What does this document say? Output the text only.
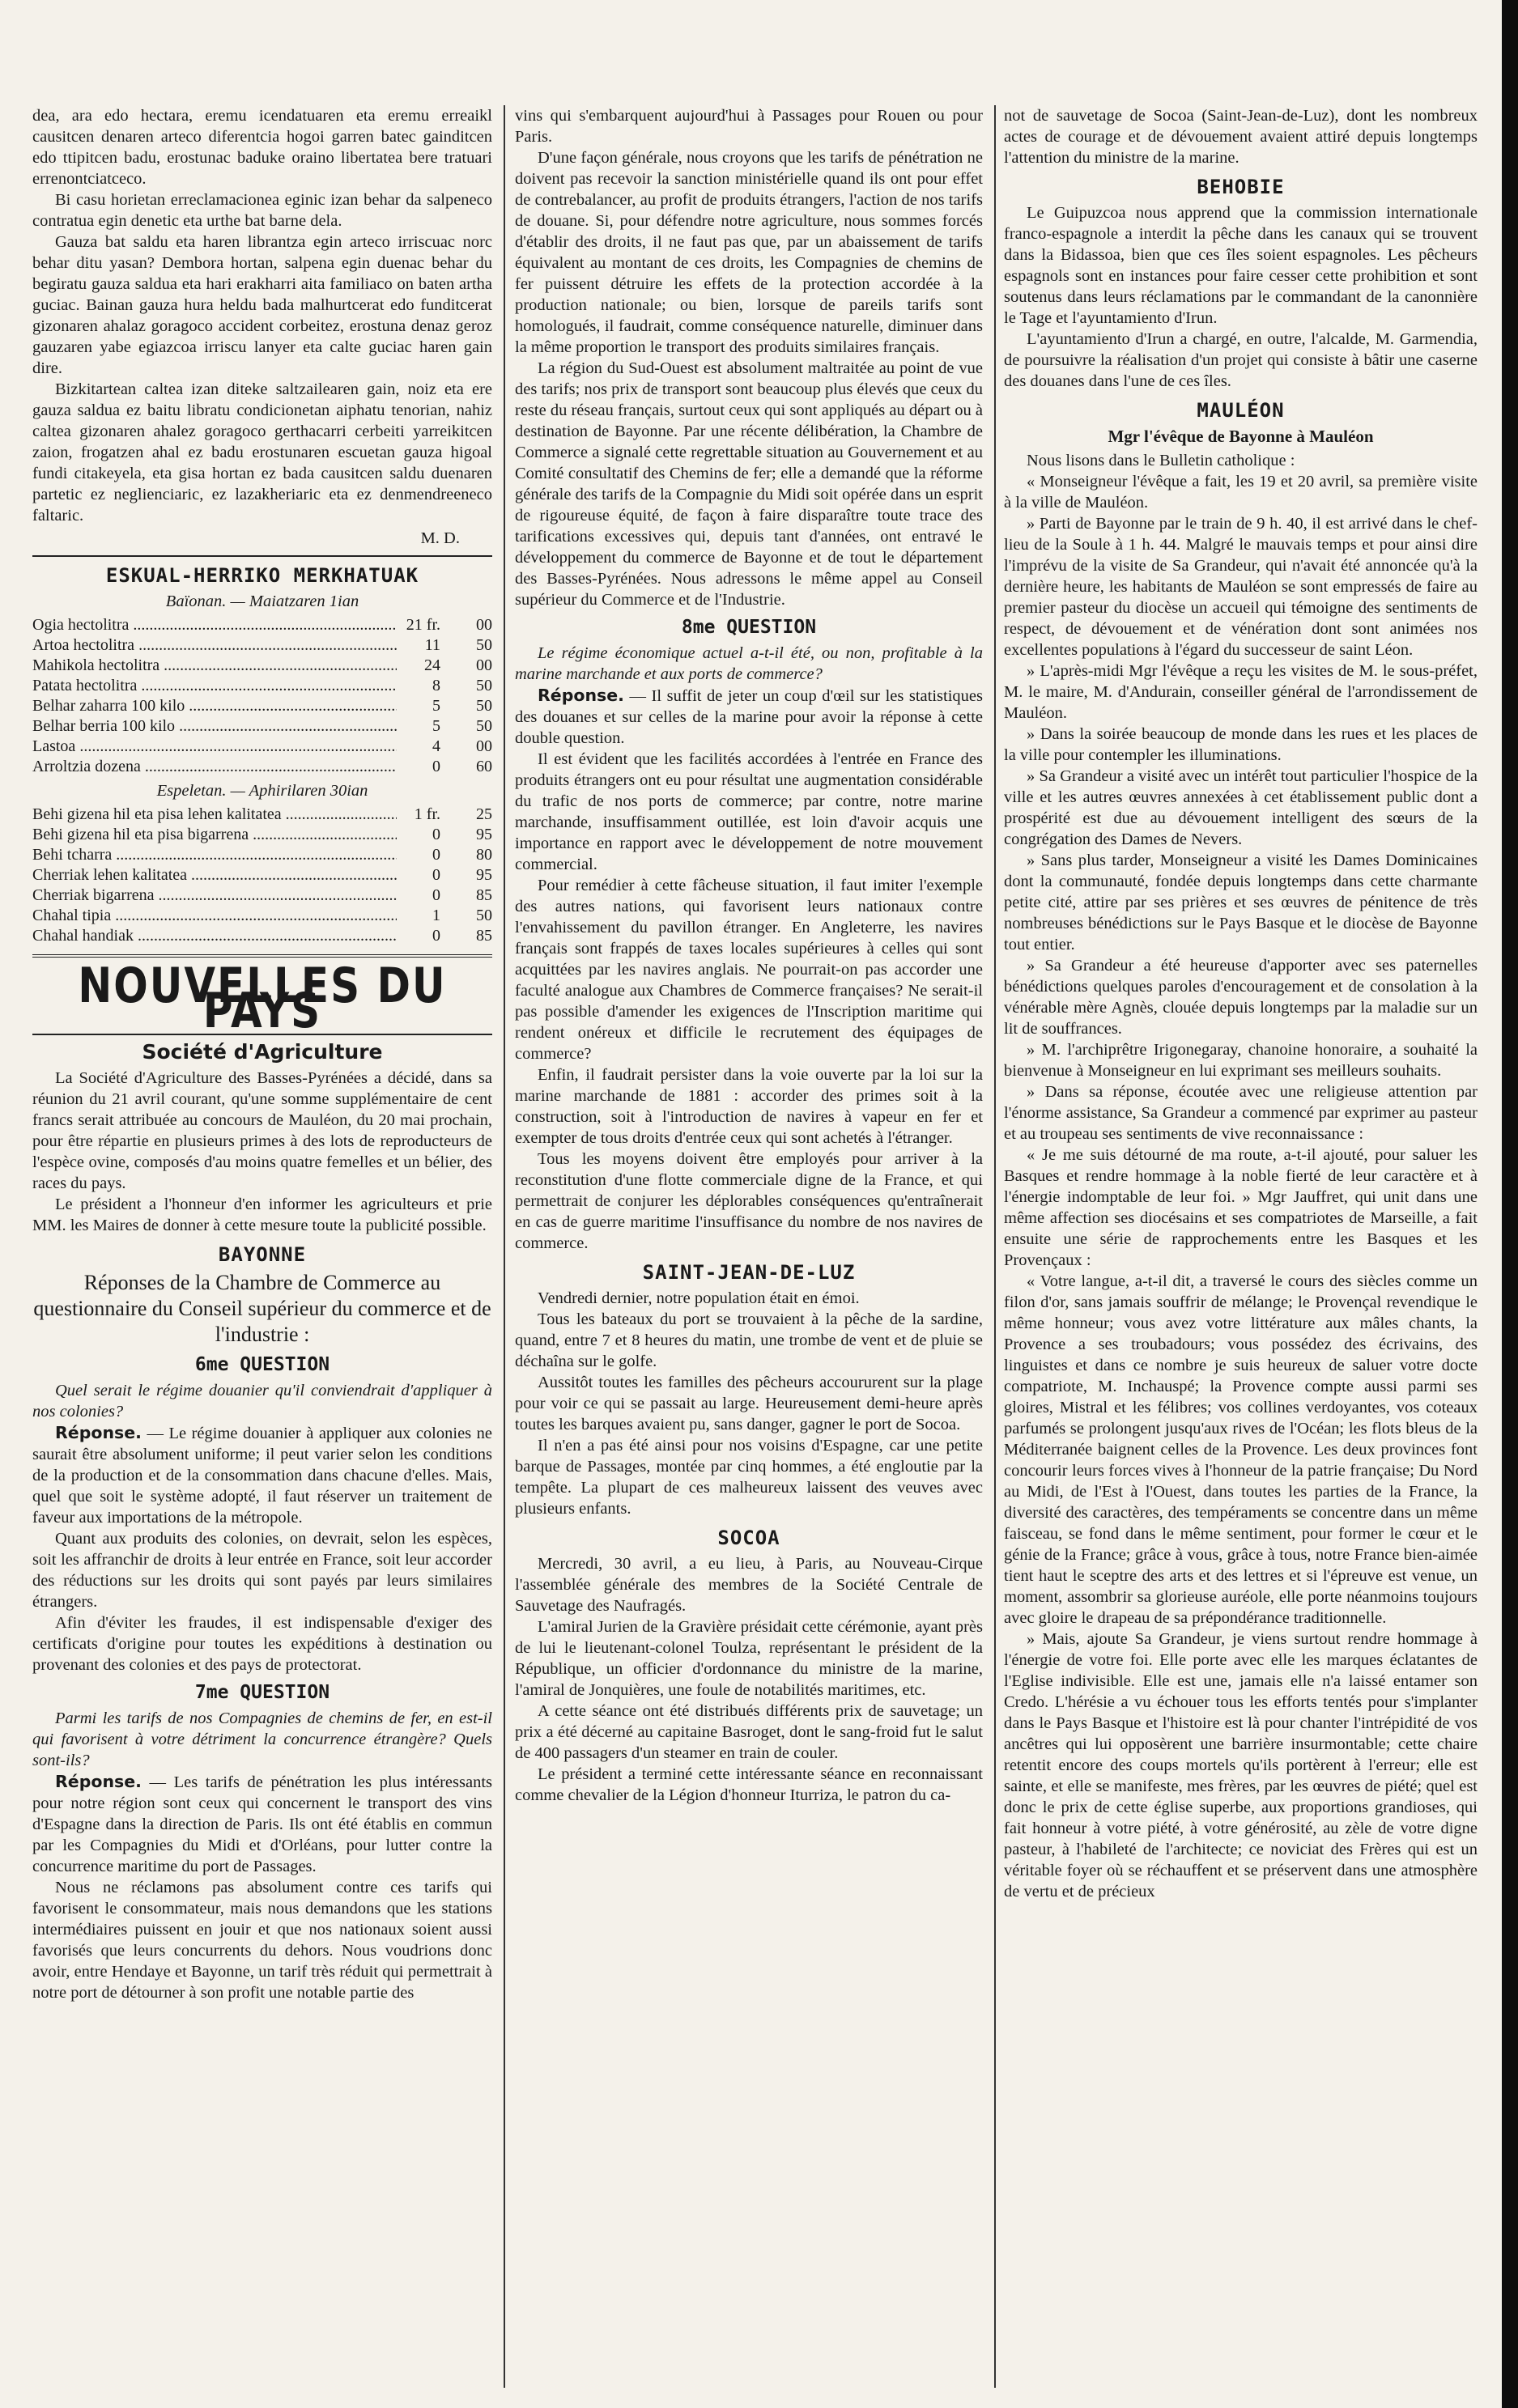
dea, ara edo hectara, eremu icendatuaren eta eremu erreaikl causitcen denaren arteco diferentcia hogoi garren batec gainditcen edo ttipitcen badu, erostunac baduke oraino libertatea bere tratuari errenontciatceco.

Bi casu horietan erreclamacionea eginic izan behar da salpeneco contratua egin denetic eta urthe bat barne dela.

Gauza bat saldu eta haren librantza egin arteco irriscuac norc behar ditu yasan? Dembora hortan, salpena egin duenac behar du begiratu gauza saldua eta hari erakharri aita familiaco on baten artha guciac. Bainan gauza hura heldu bada malhurtcerat edo funditcerat gizonaren ahalaz goragoco accident corbeitez, erostuna denaz geroz gauzaren yabe egiazcoa irriscu lanyer eta calte guciac haren gain dire.

Bizkitartean caltea izan diteke saltzailearen gain, noiz eta ere gauza saldua ez baitu libratu condicionetan aiphatu tenorian, nahiz caltea gizonaren ahalez goragoco gerthacarri cerbeiti yarreikitcen zaion, frogatzen ahal ez badu erostunaren escuetan gauza higoal fundi citakeyela, eta gisa hortan ez bada causitcen saldu duenaren partetic ez neglienciaric, ez lazakheriaric eta ez denmendreeneco faltaric.

M. D.
ESKUAL-HERRIKO MERKHATUAK
Baïonan. — Maiatzaren 1ian
Ogia hectolitra .....	21 fr.	00
Artoa hectolitra .....	11	50
Mahikola hectolitra .....	24	00
Patata hectolitra .....	8	50
Belhar zaharra 100 kilo .....	5	50
Belhar berria 100 kilo .....	5	50
Lastoa .....	4	00
Arroltzia dozena .....	0	60
Espeletan. — Aphirilaren 30ian
Behi gizena hil eta pisa lehen kalitatea .....	1 fr.	25
Behi gizena hil eta pisa bigarrena .....	0	95
Behi tcharra .....	0	80
Cherriak lehen kalitatea .....	0	95
Cherriak bigarrena .....	0	85
Chahal tipia .....	1	50
Chahal handiak .....	0	85
NOUVELLES DU PAYS
Société d'Agriculture

La Société d'Agriculture des Basses-Pyrénées a décidé, dans sa réunion du 21 avril courant, qu'une somme supplémentaire de cent francs serait attribuée au concours de Mauléon, du 20 mai prochain, pour être répartie en plusieurs primes à des lots de reproducteurs de l'espèce ovine, composés d'au moins quatre femelles et un bélier, des races du pays.

Le président a l'honneur d'en informer les agriculteurs et prie MM. les Maires de donner à cette mesure toute la publicité possible.

BAYONNE
Réponses de la Chambre de Commerce au questionnaire du Conseil supérieur du commerce et de l'industrie :
6me QUESTION

Quel serait le régime douanier qu'il conviendrait d'appliquer à nos colonies?

Réponse. — Le régime douanier à appliquer aux colonies ne saurait être absolument uniforme; il peut varier selon les conditions de la production et de la consommation dans chacune d'elles. Mais, quel que soit le système adopté, il faut réserver un traitement de faveur aux importations de la métropole.

Quant aux produits des colonies, on devrait, selon les espèces, soit les affranchir de droits à leur entrée en France, soit leur accorder des réductions sur les droits qui sont payés par leurs similaires étrangers.

Afin d'éviter les fraudes, il est indispensable d'exiger des certificats d'origine pour toutes les expéditions à destination ou provenant des colonies et des pays de protectorat.

7me QUESTION

Parmi les tarifs de nos Compagnies de chemins de fer, en est-il qui favorisent à votre détriment la concurrence étrangère? Quels sont-ils?

Réponse. — Les tarifs de pénétration les plus intéressants pour notre région sont ceux qui concernent le transport des vins d'Espagne dans la direction de Paris. Ils ont été établis en commun par les Compagnies du Midi et d'Orléans, pour lutter contre la concurrence maritime du port de Passages.

Nous ne réclamons pas absolument contre ces tarifs qui favorisent le consommateur, mais nous demandons que les stations intermédiaires puissent en jouir et que nos nationaux soient aussi favorisés que leurs concurrents du dehors. Nous voudrions donc avoir, entre Hendaye et Bayonne, un tarif très réduit qui permettrait à notre port de détourner à son profit une notable partie des

vins qui s'embarquent aujourd'hui à Passages pour Rouen ou pour Paris.

D'une façon générale, nous croyons que les tarifs de pénétration ne doivent pas recevoir la sanction ministérielle quand ils ont pour effet de contrebalancer, au profit de produits étrangers, l'action de nos tarifs de douane. Si, pour défendre notre agriculture, nous sommes forcés d'établir des droits, il ne faut pas que, par un abaissement de tarifs équivalent au montant de ces droits, les Compagnies de chemins de fer puissent détruire les effets de la protection accordée à la production nationale; ou bien, lorsque de pareils tarifs sont homologués, il faudrait, comme conséquence naturelle, diminuer dans la même proportion le transport des produits similaires français.

La région du Sud-Ouest est absolument maltraitée au point de vue des tarifs; nos prix de transport sont beaucoup plus élevés que ceux du reste du réseau français, surtout ceux qui sont appliqués au départ ou à destination de Bayonne. Par une récente délibération, la Chambre de Commerce a signalé cette regrettable situation au Gouvernement et au Comité consultatif des Chemins de fer; elle a demandé que la réforme générale des tarifs de la Compagnie du Midi soit opérée dans un esprit de rigoureuse équité, de façon à faire disparaître toute trace des tarifications excessives qui, depuis tant d'années, ont entravé le développement du commerce de Bayonne et de tout le département des Basses-Pyrénées. Nous adressons le même appel au Conseil supérieur du Commerce et de l'Industrie.

8me QUESTION

Le régime économique actuel a-t-il été, ou non, profitable à la marine marchande et aux ports de commerce?

Réponse. — Il suffit de jeter un coup d'œil sur les statistiques des douanes et sur celles de la marine pour avoir la réponse à cette double question.

Il est évident que les facilités accordées à l'entrée en France des produits étrangers ont eu pour résultat une augmentation considérable du trafic de nos ports de commerce; par contre, notre marine marchande, insuffisamment outillée, est loin d'avoir acquis une importance en rapport avec le développement de notre mouvement commercial.

Pour remédier à cette fâcheuse situation, il faut imiter l'exemple des autres nations, qui favorisent leurs nationaux contre l'envahissement du pavillon étranger. En Angleterre, les navires français sont frappés de taxes locales supérieures à celles qui sont acquittées par les navires anglais. Ne pourrait-on pas accorder une faculté analogue aux Chambres de Commerce françaises? Ne serait-il pas possible d'amender les exigences de l'Inscription maritime qui rendent onéreux et difficile le recrutement des équipages de commerce?

Enfin, il faudrait persister dans la voie ouverte par la loi sur la marine marchande de 1881 : accorder des primes soit à la construction, soit à l'introduction de navires à vapeur en fer et exempter de tous droits d'entrée ceux qui sont achetés à l'étranger.

Tous les moyens doivent être employés pour arriver à la reconstitution d'une flotte commerciale digne de la France, et qui permettrait de conjurer les déplorables conséquences qu'entraînerait en cas de guerre maritime l'insuffisance du nombre de nos navires de commerce.

SAINT-JEAN-DE-LUZ

Vendredi dernier, notre population était en émoi.

Tous les bateaux du port se trouvaient à la pêche de la sardine, quand, entre 7 et 8 heures du matin, une trombe de vent et de pluie se déchaîna sur le golfe.

Aussitôt toutes les familles des pêcheurs accoururent sur la plage pour voir ce qui se passait au large. Heureusement demi-heure après toutes les barques avaient pu, sans danger, gagner le port de Socoa.

Il n'en a pas été ainsi pour nos voisins d'Espagne, car une petite barque de Passages, montée par cinq hommes, a été engloutie par la tempête. La plupart de ces malheureux laissent des veuves avec plusieurs enfants.

SOCOA

Mercredi, 30 avril, a eu lieu, à Paris, au Nouveau-Cirque l'assemblée générale des membres de la Société Centrale de Sauvetage des Naufragés.

L'amiral Jurien de la Gravière présidait cette cérémonie, ayant près de lui le lieutenant-colonel Toulza, représentant le président de la République, un officier d'ordonnance du ministre de la marine, l'amiral de Jonquières, une foule de notabilités maritimes, etc.

A cette séance ont été distribués différents prix de sauvetage; un prix a été décerné au capitaine Basroget, dont le sang-froid fut le salut de 400 passagers d'un steamer en train de couler.

Le président a terminé cette intéressante séance en reconnaissant comme chevalier de la Légion d'honneur Iturriza, le patron du ca-

not de sauvetage de Socoa (Saint-Jean-de-Luz), dont les nombreux actes de courage et de dévouement avaient attiré depuis longtemps l'attention du ministre de la marine.

BEHOBIE

Le Guipuzcoa nous apprend que la commission internationale franco-espagnole a interdit la pêche dans les canaux qui se trouvent dans la Bidassoa, bien que ces îles soient espagnoles. Les pêcheurs espagnols sont en instances pour faire cesser cette prohibition et sont soutenus dans leurs réclamations par le commandant de la canonnière le Tage et l'ayuntamiento d'Irun.

L'ayuntamiento d'Irun a chargé, en outre, l'alcalde, M. Garmendia, de poursuivre la réalisation d'un projet qui consiste à bâtir une caserne des douanes dans l'une de ces îles.

MAULÉON
Mgr l'évêque de Bayonne à Mauléon

Nous lisons dans le Bulletin catholique :

« Monseigneur l'évêque a fait, les 19 et 20 avril, sa première visite à la ville de Mauléon.

» Parti de Bayonne par le train de 9 h. 40, il est arrivé dans le chef-lieu de la Soule à 1 h. 44. Malgré le mauvais temps et pour ainsi dire l'imprévu de la visite de Sa Grandeur, qui n'avait été annoncée qu'à la dernière heure, les habitants de Mauléon se sont empressés de faire au premier pasteur du diocèse un accueil qui témoigne des sentiments de respect, de dévouement et de vénération dont sont animées nos excellentes populations à l'égard du successeur de saint Léon.

» L'après-midi Mgr l'évêque a reçu les visites de M. le sous-préfet, M. le maire, M. d'Andurain, conseiller général de l'arrondissement de Mauléon.

» Dans la soirée beaucoup de monde dans les rues et les places de la ville pour contempler les illuminations.

» Sa Grandeur a visité avec un intérêt tout particulier l'hospice de la ville et les autres œuvres annexées à cet établissement public dont a prospérité est due au dévouement intelligent des sœurs de la congrégation des Dames de Nevers.

» Sans plus tarder, Monseigneur a visité les Dames Dominicaines dont la communauté, fondée depuis longtemps dans cette charmante petite cité, attire par ses prières et ses œuvres de pénitence de très nombreuses bénédictions sur le Pays Basque et le diocèse de Bayonne tout entier.

» Sa Grandeur a été heureuse d'apporter avec ses paternelles bénédictions quelques paroles d'encouragement et de consolation à la vénérable mère Agnès, clouée depuis longtemps par la maladie sur un lit de souffrances.

» M. l'archiprêtre Irigonegaray, chanoine honoraire, a souhaité la bienvenue à Monseigneur en lui exprimant ses meilleurs souhaits.

» Dans sa réponse, écoutée avec une religieuse attention par l'énorme assistance, Sa Grandeur a commencé par exprimer au pasteur et au troupeau ses sentiments de vive reconnaissance :

« Je me suis détourné de ma route, a-t-il ajouté, pour saluer les Basques et rendre hommage à la noble fierté de leur caractère et à l'énergie indomptable de leur foi. » Mgr Jauffret, qui unit dans une même affection ses diocésains et ses compatriotes de Marseille, a fait ensuite une série de rapprochements entre les Basques et les Provençaux :

« Votre langue, a-t-il dit, a traversé le cours des siècles comme un filon d'or, sans jamais souffrir de mélange; le Provençal revendique le même honneur; vous avez votre littérature aux mâles chants, la Provence a ses troubadours; vous possédez des écrivains, des linguistes et dans ce nombre je suis heureux de saluer votre docte compatriote, M. Inchauspé; la Provence compte aussi parmi ses gloires, Mistral et les félibres; vos collines verdoyantes, vos coteaux parfumés se prolongent jusqu'aux rives de l'Océan; les flots bleus de la Méditerranée baignent celles de la Provence. Les deux provinces font concourir leurs forces vives à l'honneur de la patrie française; Du Nord au Midi, de l'Est à l'Ouest, dans toutes les parties de la France, la diversité des caractères, des tempéraments se concentre dans un même faisceau, se fond dans le même sentiment, pour former le cœur et le génie de la France; grâce à vous, grâce à tous, notre France bien-aimée tient haut le sceptre des arts et des lettres et si l'épreuve est venue, un moment, assombrir sa glorieuse auréole, elle porte néanmoins toujours avec gloire le drapeau de sa prépondérance traditionnelle.

» Mais, ajoute Sa Grandeur, je viens surtout rendre hommage à l'énergie de votre foi. Elle porte avec elle les marques éclatantes de l'Eglise indivisible. Elle est une, jamais elle n'a laissé entamer son Credo. L'hérésie a vu échouer tous les efforts tentés pour s'implanter dans le Pays Basque et l'histoire est là pour chanter l'intrépidité de vos ancêtres qui lui opposèrent une barrière insurmontable; cette chaire retentit encore des coups mortels qu'ils portèrent à l'erreur; elle est sainte, et elle se manifeste, mes frères, par les œuvres de piété; quel est donc le prix de cette église superbe, aux proportions grandioses, qui fait honneur à votre piété, à votre générosité, au zèle de votre digne pasteur, à l'habileté de l'architecte; ce noviciat des Frères qui est un véritable foyer où se réchauffent et se préservent dans une atmosphère de vertu et de précieux
